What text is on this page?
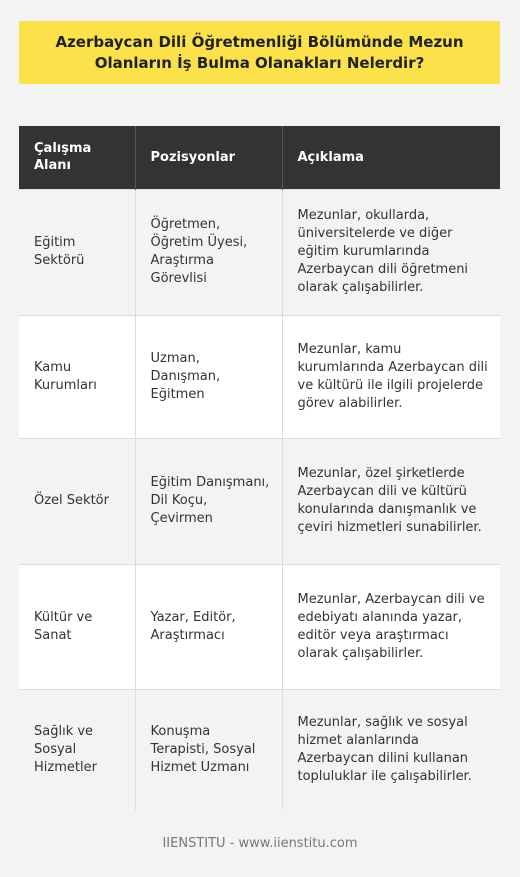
Azerbaycan Dili Öğretmenliği Bölümünde Mezun Olanların İş Bulma Olanakları Nelerdir?
Çalışma Alanı	Pozisyonlar	Açıklama
Eğitim Sektörü	Öğretmen, Öğretim Üyesi, Araştırma Görevlisi	Mezunlar, okullarda, üniversitelerde ve diğer eğitim kurumlarında Azerbaycan dili öğretmeni olarak çalışabilirler.
Kamu Kurumları	Uzman, Danışman, Eğitmen	Mezunlar, kamu kurumlarında Azerbaycan dili ve kültürü ile ilgili projelerde görev alabilirler.
Özel Sektör	Eğitim Danışmanı, Dil Koçu, Çevirmen	Mezunlar, özel şirketlerde Azerbaycan dili ve kültürü konularında danışmanlık ve çeviri hizmetleri sunabilirler.
Kültür ve Sanat	Yazar, Editör, Araştırmacı	Mezunlar, Azerbaycan dili ve edebiyatı alanında yazar, editör veya araştırmacı olarak çalışabilirler.
Sağlık ve Sosyal Hizmetler	Konuşma Terapisti, Sosyal Hizmet Uzmanı	Mezunlar, sağlık ve sosyal hizmet alanlarında Azerbaycan dilini kullanan topluluklar ile çalışabilirler.
IIENSTITU - www.iienstitu.com
